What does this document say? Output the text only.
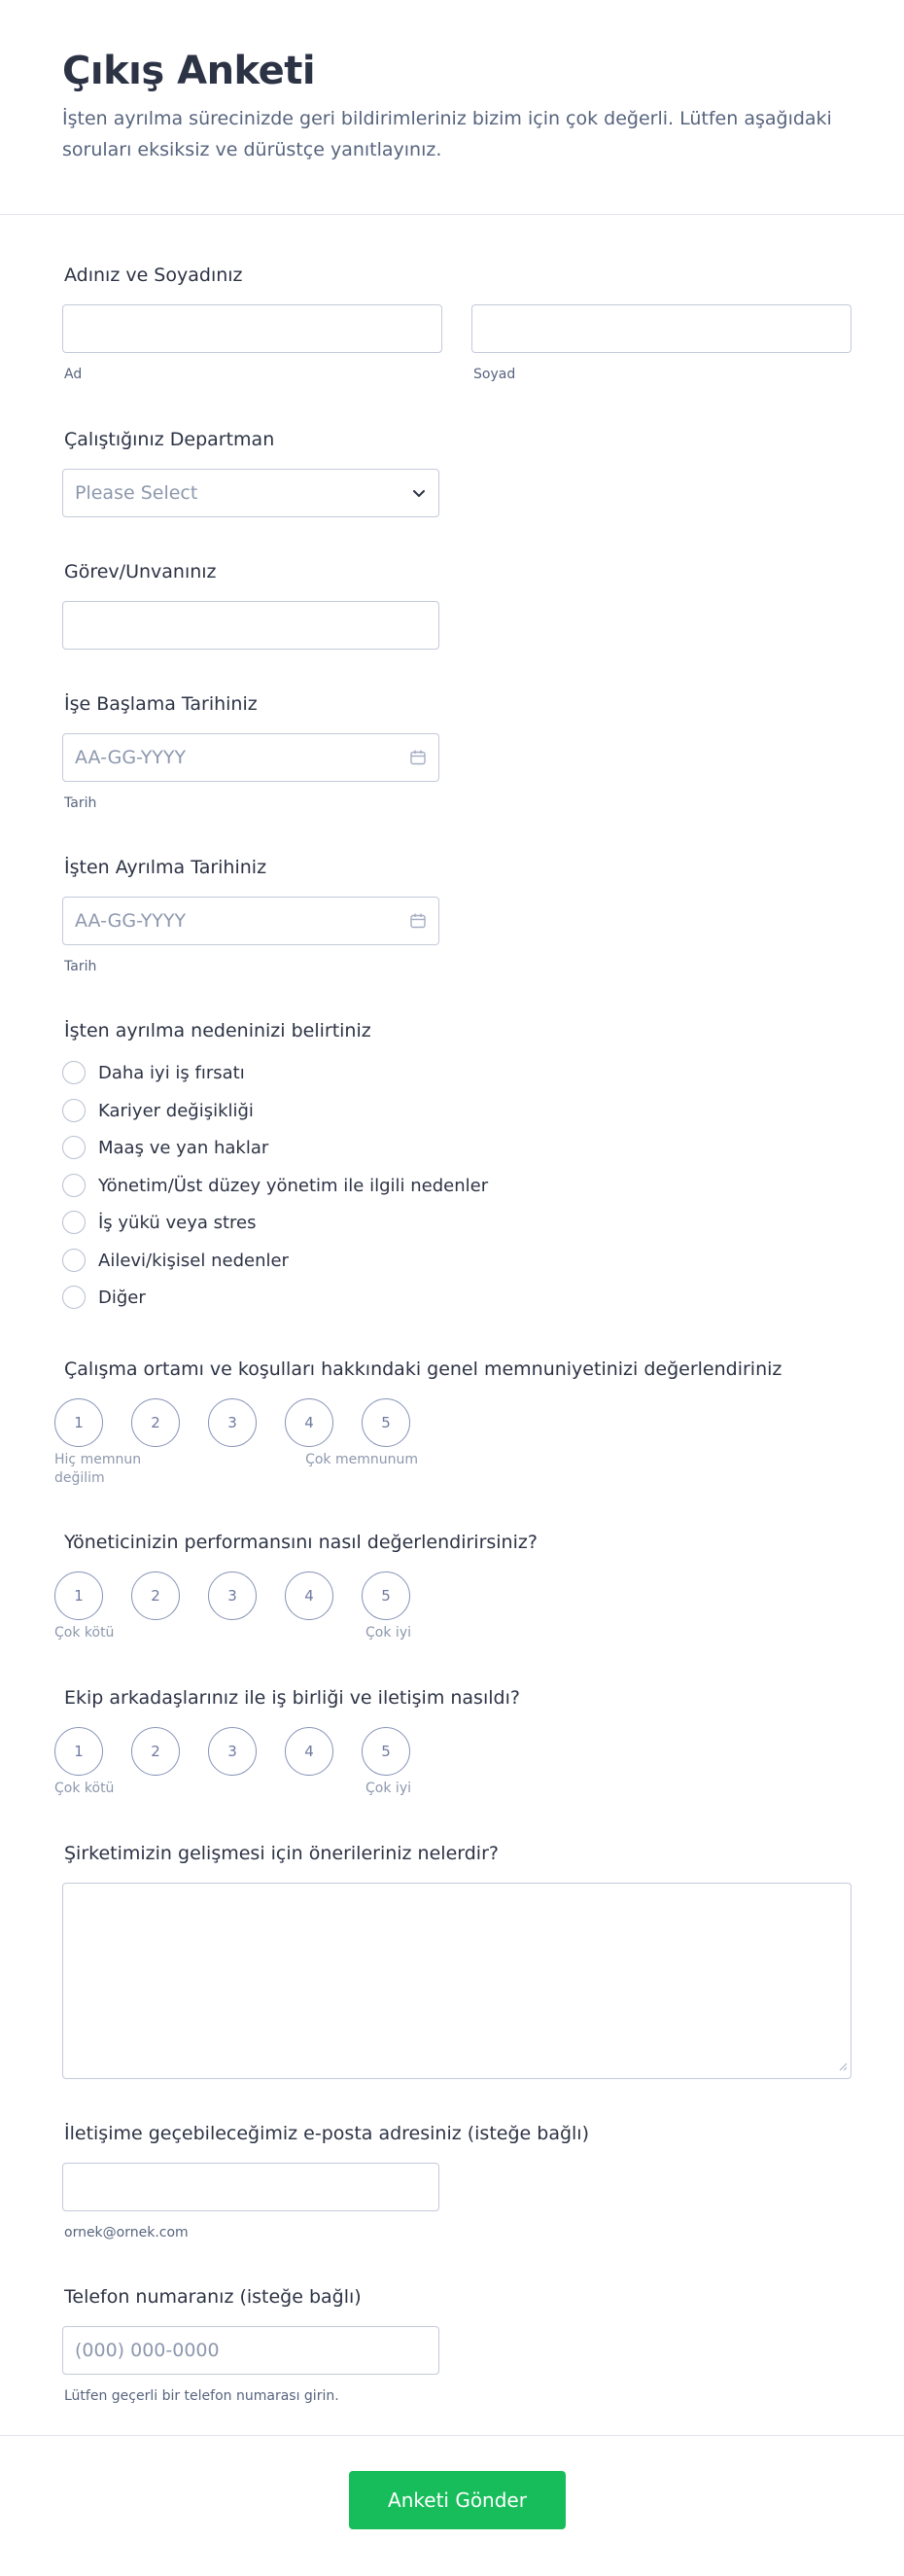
Çıkış Anketi
İşten ayrılma sürecinizde geri bildirimleriniz bizim için çok değerli. Lütfen aşağıdaki soruları eksiksiz ve dürüstçe yanıtlayınız.
Adınız ve Soyadınız
Ad	Soyad
Çalıştığınız Departman
Please Select
Görev/Unvanınız
İşe Başlama Tarihiniz
AA-GG-YYYY
Tarih
İşten Ayrılma Tarihiniz
AA-GG-YYYY
Tarih
İşten ayrılma nedeninizi belirtiniz
Daha iyi iş fırsatı
Kariyer değişikliği
Maaş ve yan haklar
Yönetim/Üst düzey yönetim ile ilgili nedenler
İş yükü veya stres
Ailevi/kişisel nedenler
Diğer
Çalışma ortamı ve koşulları hakkındaki genel memnuniyetinizi değerlendiriniz
1	2	3	4	5
Hiç memnun değilim
Çok memnunum
Yöneticinizin performansını nasıl değerlendirirsiniz?
1	2	3	4	5
Çok kötü	Çok iyi
Ekip arkadaşlarınız ile iş birliği ve iletişim nasıldı?
1	2	3	4	5
Çok kötü	Çok iyi
Şirketimizin gelişmesi için önerileriniz nelerdir?
İletişime geçebileceğimiz e-posta adresiniz (isteğe bağlı)
ornek@ornek.com
Telefon numaranız (isteğe bağlı)
(000) 000-0000
Lütfen geçerli bir telefon numarası girin.
Anketi Gönder
